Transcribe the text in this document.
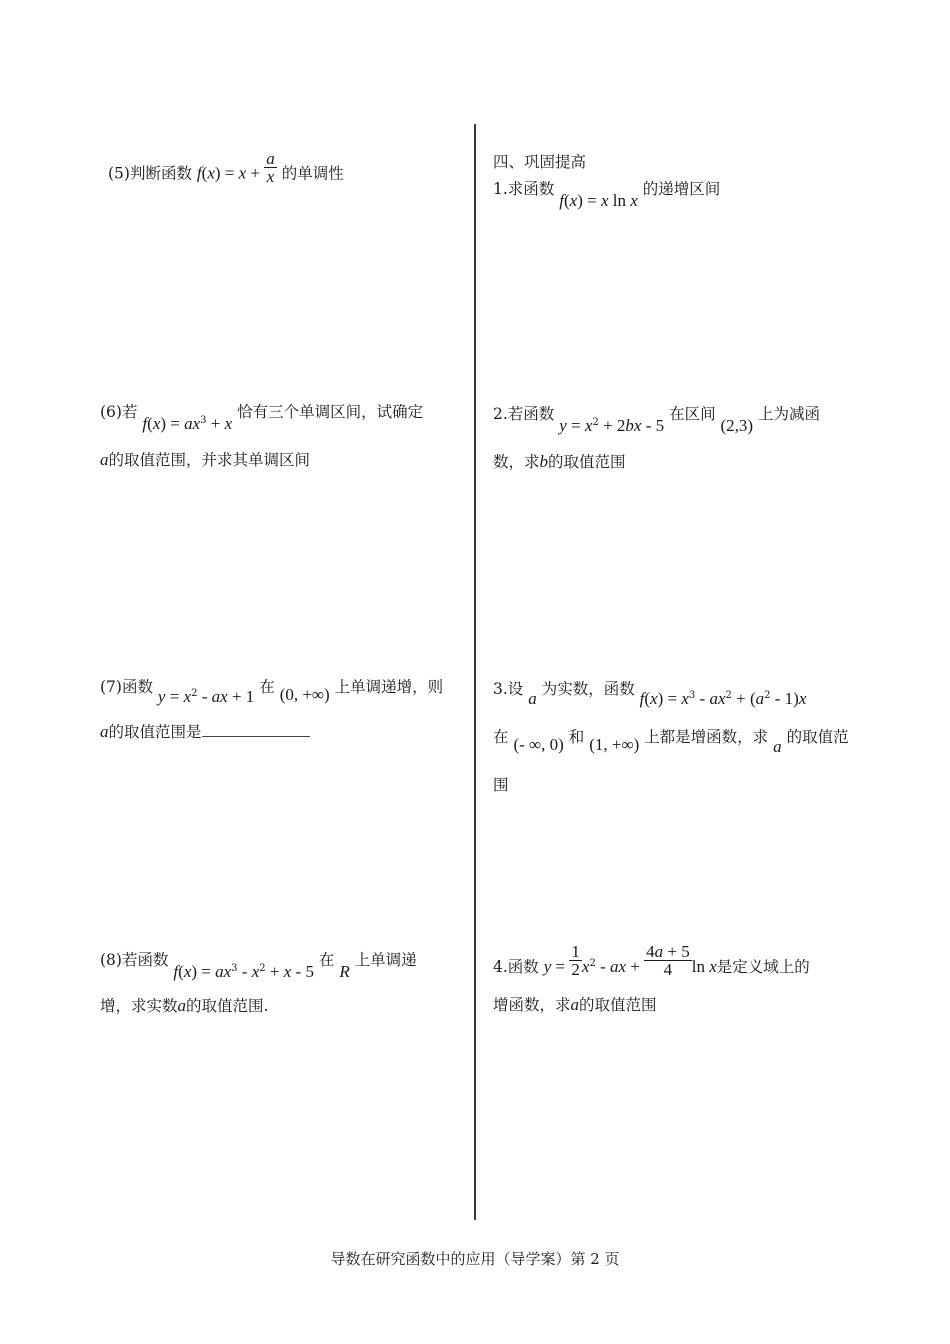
(5)判断函数 $f(x) = x + \frac{a}{x}$ 的单调性
(6)若 $f(x) = ax^3 + x$ 恰有三个单调区间，试确定
a的取值范围，并求其单调区间
(7)函数 $y = x^2$ - ax + 1 在 (0, +∞) 上单调递增，则
a的取值范围是
(8)若函数 $f(x) = ax^3 - x^2 + x - 5$ 在 R 上单调递
增，求实数a的取值范围.
四、巩固提高
1.求函数 f(x) = x ln x 的递增区间
2.若函数 $y = x^2 + 2bx - 5$ 在区间 (2,3) 上为减函
数，求b的取值范围
3.设 a 为实数，函数 $f(x) = x^3 - ax^2 + (a^2 - 1)x$
在 (- ∞, 0) 和 (1, +∞) 上都是增函数，求 a 的取值范
围
4.函数 $y = \frac{1}{2} x^2$ - ax + $\frac{4a + 5}{4}$ ln x是定义域上的
增函数，求a的取值范围
导数在研究函数中的应用（导学案）第 2 页
